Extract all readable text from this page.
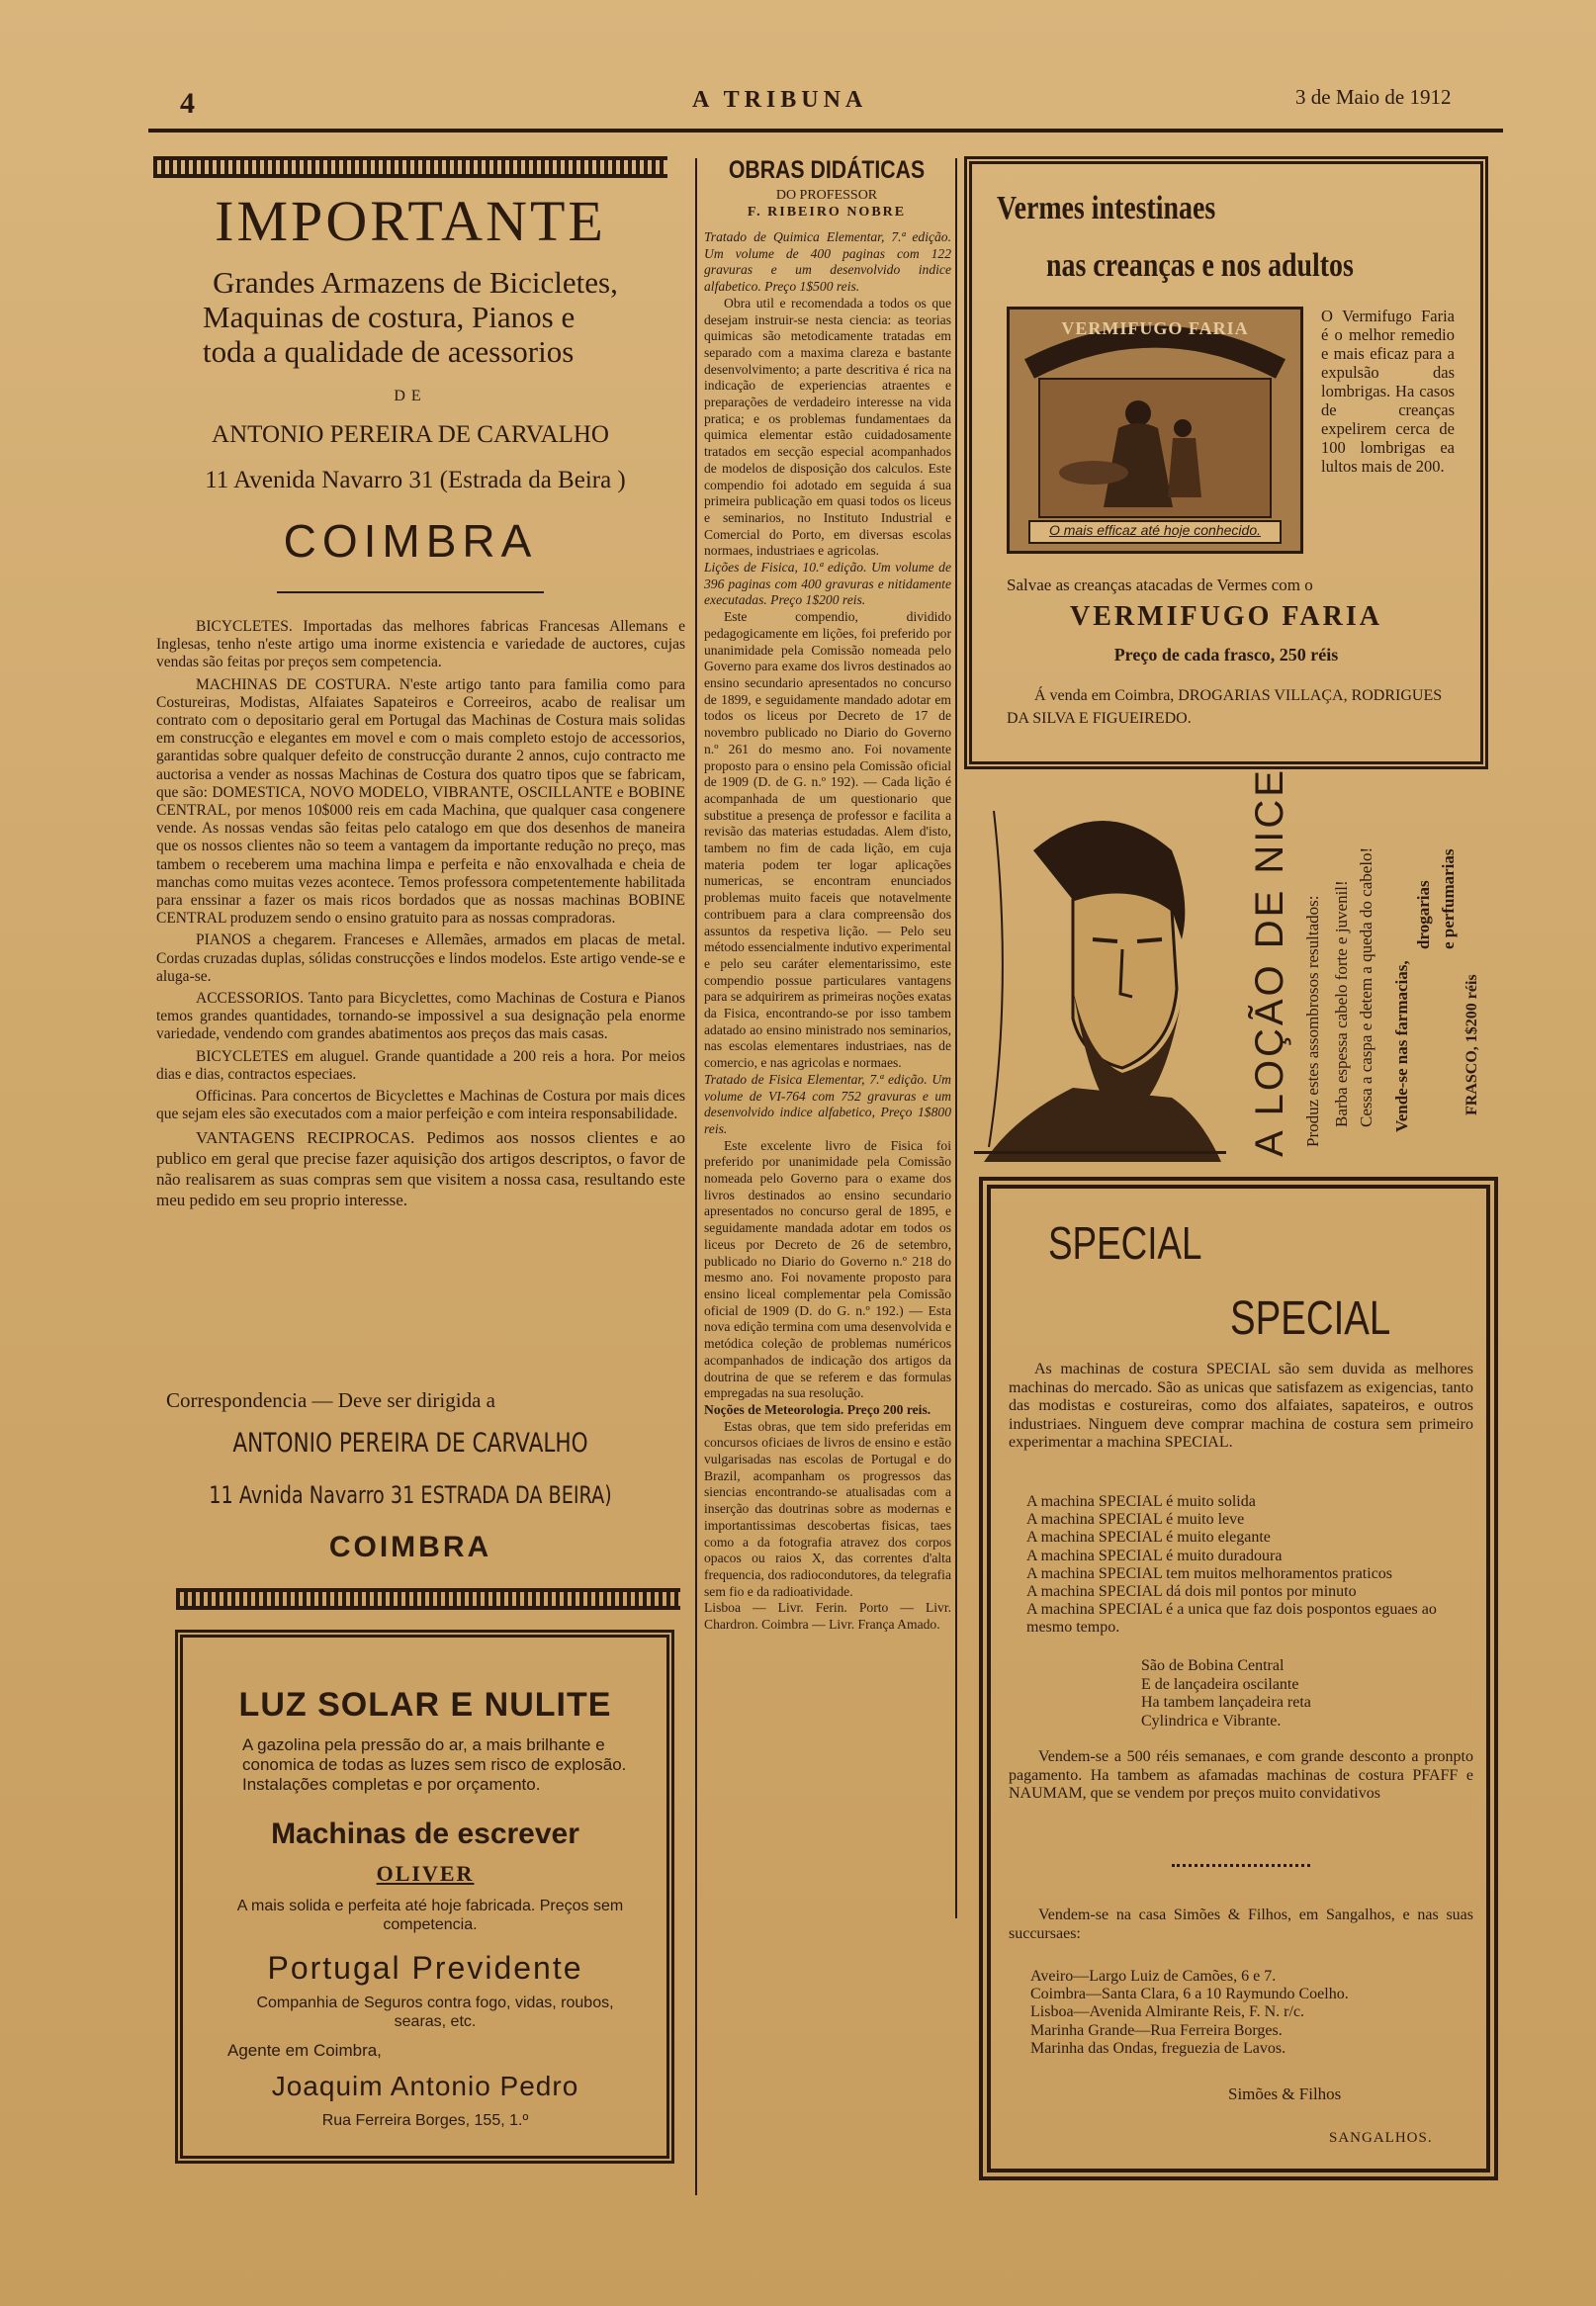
4	A TRIBUNA	3 de Maio de 1912
IMPORTANTE
Grandes Armazens de Bicicletes,
Maquinas de costura, Pianos e
toda a qualidade de acessorios
DE
ANTONIO PEREIRA DE CARVALHO
11 Avenida Navarro 31 (Estrada da Beira )
COIMBRA

BICYCLETES. Importadas das melhores fabricas Francesas Allemans e Inglesas, tenho n'este artigo uma inorme existencia e variedade de auctores, cujas vendas são feitas por preços sem competencia.

MACHINAS DE COSTURA. N'este artigo tanto para familia como para Costureiras, Modistas, Alfaiates Sapateiros e Correeiros, acabo de realisar um contrato com o depositario geral em Portugal das Machinas de Costura mais solidas em construcção e elegantes em movel e com o mais completo estojo de accessorios, garantidas sobre qualquer defeito de construcção durante 2 annos, cujo contracto me auctorisa a vender as nossas Machinas de Costura dos quatro tipos que se fabricam, que são: DOMESTICA, NOVO MODELO, VIBRANTE, OSCILLANTE e BOBINE CENTRAL, por menos 10$000 reis em cada Machina, que qualquer casa congenere vende. As nossas vendas são feitas pelo catalogo em que dos desenhos de maneira que os nossos clientes não so teem a vantagem da importante redução no preço, mas tambem o receberem uma machina limpa e perfeita e não enxovalhada e cheia de manchas como muitas vezes acontece. Temos professora competentemente habilitada para enssinar a fazer os mais ricos bordados que as nossas machinas BOBINE CENTRAL produzem sendo o ensino gratuito para as nossas compradoras.

PIANOS a chegarem. Franceses e Allemães, armados em placas de metal. Cordas cruzadas duplas, sólidas construcções e lindos modelos. Este artigo vende-se e aluga-se.

ACCESSORIOS. Tanto para Bicyclettes, como Machinas de Costura e Pianos temos grandes quantidades, tornando-se impossivel a sua designação pela enorme variedade, vendendo com grandes abatimentos aos preços das mais casas.

BICYCLETES em aluguel. Grande quantidade a 200 reis a hora. Por meios dias e dias, contractos especiaes.

Officinas. Para concertos de Bicyclettes e Machinas de Costura por mais dices que sejam eles são executados com a maior perfeição e com inteira responsabilidade.

VANTAGENS RECIPROCAS. Pedimos aos nossos clientes e ao publico em geral que precise fazer aquisição dos artigos descriptos, o favor de não realisarem as suas compras sem que visitem a nossa casa, resultando este meu pedido em seu proprio interesse.

Correspondencia — Deve ser dirigida a
ANTONIO PEREIRA DE CARVALHO
11 Avnida Navarro 31 ESTRADA DA BEIRA)
COIMBRA
LUZ SOLAR E NULITE
A gazolina pela pressão do ar, a mais brilhante e conomica de todas as luzes sem risco de explosão. Instalações completas e por orçamento.
Machinas de escrever
OLIVER
A mais solida e perfeita até hoje fabricada. Preços sem competencia.
Portugal Previdente
Companhia de Seguros contra fogo, vidas, roubos, searas, etc.
Agente em Coimbra,
Joaquim Antonio Pedro
Rua Ferreira Borges, 155, 1.º
OBRAS DIDÁTICAS
DO PROFESSOR
F. RIBEIRO NOBRE

Tratado de Quimica Elementar, 7.ª edição. Um volume de 400 paginas com 122 gravuras e um desenvolvido indice alfabetico. Preço 1$500 reis.

Obra util e recomendada a todos os que desejam instruir-se nesta ciencia: as teorias quimicas são metodicamente tratadas em separado com a maxima clareza e bastante desenvolvimento; a parte descritiva é rica na indicação de experiencias atraentes e preparações de verdadeiro interesse na vida pratica; e os problemas fundamentaes da quimica elementar estão cuidadosamente tratados em secção especial acompanhados de modelos de disposição dos calculos. Este compendio foi adotado em seguida á sua primeira publicação em quasi todos os liceus e seminarios, no Instituto Industrial e Comercial do Porto, em diversas escolas normaes, industriaes e agricolas.

Lições de Fisica, 10.ª edição. Um volume de 396 paginas com 400 gravuras e nitidamente executadas. Preço 1$200 reis.

Este compendio, dividido pedagogicamente em lições, foi preferido por unanimidade pela Comissão nomeada pelo Governo para exame dos livros destinados ao ensino secundario apresentados no concurso de 1899, e seguidamente mandado adotar em todos os liceus por Decreto de 17 de novembro publicado no Diario do Governo n.º 261 do mesmo ano. Foi novamente proposto para o ensino pela Comissão oficial de 1909 (D. de G. n.º 192). — Cada lição é acompanhada de um questionario que substitue a presença de professor e facilita a revisão das materias estudadas. Alem d'isto, tambem no fim de cada lição, em cuja materia podem ter logar aplicações numericas, se encontram enunciados problemas muito faceis que notavelmente contribuem para a clara compreensão dos assuntos da respetiva lição. — Pelo seu método essencialmente indutivo experimental e pelo seu caráter elementarissimo, este compendio possue particulares vantagens para se adquirirem as primeiras noções exatas da Fisica, encontrando-se por isso tambem adatado ao ensino ministrado nos seminarios, nas escolas elementares industriaes, nas de comercio, e nas agricolas e normaes.

Tratado de Fisica Elementar, 7.ª edição. Um volume de VI-764 com 752 gravuras e um desenvolvido indice alfabetico, Preço 1$800 reis.

Este excelente livro de Fisica foi preferido por unanimidade pela Comissão nomeada pelo Governo para o exame dos livros destinados ao ensino secundario apresentados no concurso geral de 1895, e seguidamente mandada adotar em todos os liceus por Decreto de 26 de setembro, publicado no Diario do Governo n.º 218 do mesmo ano. Foi novamente proposto para ensino liceal complementar pela Comissão oficial de 1909 (D. do G. n.º 192.) — Esta nova edição termina com uma desenvolvida e metódica coleção de problemas numéricos acompanhados de indicação dos artigos da doutrina de que se referem e das formulas empregadas na sua resolução.

Noções de Meteorologia. Preço 200 reis.

Estas obras, que tem sido preferidas em concursos oficiaes de livros de ensino e estão vulgarisadas nas escolas de Portugal e do Brazil, acompanham os progressos das siencias encontrando-se atualisadas com a inserção das doutrinas sobre as modernas e importantissimas descobertas fisicas, taes como a da fotografia atravez dos corpos opacos ou raios X, das correntes d'alta frequencia, dos radiocondutores, da telegrafia sem fio e da radioatividade.

Lisboa — Livr. Ferin. Porto — Livr. Chardron. Coimbra — Livr. França Amado.

Vermes intestinaes
nas creanças e nos adultos
VERMIFUGO FARIA
O mais efficaz até hoje conhecido.
O Vermifugo Faria é o melhor remedio e mais eficaz para a expulsão das lombrigas. Ha casos de creanças expelirem cerca de 100 lombrigas ea lultos mais de 200.
Salvae as creanças atacadas de Vermes com o
VERMIFUGO FARIA
Preço de cada frasco, 250 réis
Á venda em Coimbra, DROGARIAS VILLAÇA, RODRIGUES DA SILVA E FIGUEIREDO.
A LOÇÃO DE NICE Produz estes assombrosos resultados: Barba espessa cabelo forte e juvenil! Cessa a caspa e detem a queda do cabelo! Vende-se nas farmacias,
drogarias e perfumarias
FRASCO, 1$200 réis
SPECIAL
SPECIAL
As machinas de costura SPECIAL são sem duvida as melhores machinas do mercado. São as unicas que satisfazem as exigencias, tanto das modistas e costureiras, como dos alfaiates, sapateiros, e outros industriaes. Ninguem deve comprar machina de costura sem primeiro experimentar a machina SPECIAL.
A machina SPECIAL é muito solida
A machina SPECIAL é muito leve
A machina SPECIAL é muito elegante
A machina SPECIAL é muito duradoura
A machina SPECIAL tem muitos melhoramentos praticos
A machina SPECIAL dá dois mil pontos por minuto
A machina SPECIAL é a unica que faz dois pospontos eguaes ao mesmo tempo.
São de Bobina Central
E de lançadeira oscilante
Ha tambem lançadeira reta
Cylindrica e Vibrante.
Vendem-se a 500 réis semanaes, e com grande desconto a pronpto pagamento. Ha tambem as afamadas machinas de costura PFAFF e NAUMAM, que se vendem por preços muito convidativos
Vendem-se na casa Simões & Filhos, em Sangalhos, e nas suas succursaes:
Aveiro—Largo Luiz de Camões, 6 e 7.
Coimbra—Santa Clara, 6 a 10 Raymundo Coelho.
Lisboa—Avenida Almirante Reis, F. N. r/c.
Marinha Grande—Rua Ferreira Borges.
Marinha das Ondas, freguezia de Lavos.
Simões & Filhos
SANGALHOS.
